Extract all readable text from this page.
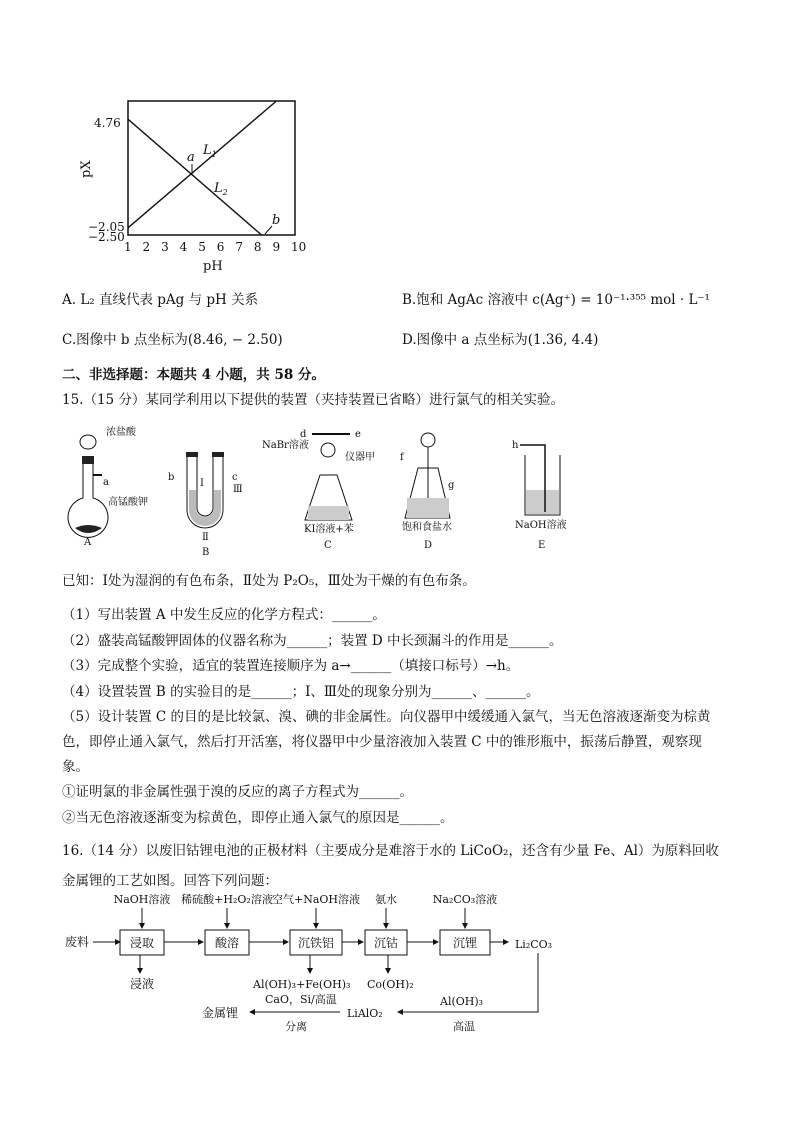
1 2 3 4 5 6 7 8 9 10
pX
pH
4.76
−2.05
−2.50
$L_1$
$L_2$
a
b
A. L₂ 直线代表 pAg 与 pH 关系	B.饱和 AgAc 溶液中 c(Ag⁺) = 10⁻¹·³⁵⁵ mol · L⁻¹
C.图像中 b 点坐标为(8.46, − 2.50)	D.图像中 a 点坐标为(1.36, 4.4)
二、非选择题：本题共 4 小题，共 58 分。
15.（15 分）某同学利用以下提供的装置（夹持装置已省略）进行氯气的相关实验。
浓盐酸
a
高锰酸钾
A
b	c
Ⅰ
Ⅲ
Ⅱ
B
d	e
NaBr溶液
仪器甲
KI溶液+苯
C
f
g
饱和食盐水
D
h
NaOH溶液
E
已知：Ⅰ处为湿润的有色布条，Ⅱ处为 P₂O₅，Ⅲ处为干燥的有色布条。
（1）写出装置 A 中发生反应的化学方程式：______。
（2）盛装高锰酸钾固体的仪器名称为______；装置 D 中长颈漏斗的作用是______。
（3）完成整个实验，适宜的装置连接顺序为 a→______（填接口标号）→h。
（4）设置装置 B 的实验目的是______；Ⅰ、Ⅲ处的现象分别为______、______。
（5）设计装置 C 的目的是比较氯、溴、碘的非金属性。向仪器甲中缓缓通入氯气，当无色溶液逐渐变为棕黄
色，即停止通入氯气，然后打开活塞，将仪器甲中少量溶液加入装置 C 中的锥形瓶中，振荡后静置，观察现
象。
①证明氯的非金属性强于溴的反应的离子方程式为______。
②当无色溶液逐渐变为棕黄色，即停止通入氯气的原因是______。
16.（14 分）以废旧钴锂电池的正极材料（主要成分是难溶于水的 LiCoO₂，还含有少量 Fe、Al）为原料回收
金属锂的工艺如图。回答下列问题：
废料	浸取
NaOH溶液
酸溶
稀硫酸+H₂O₂溶液
沉铁铝
空气+NaOH溶液
沉钴
氨水
沉锂
Na₂CO₃溶液
Al(OH)₃+Fe(OH)₃
浸液	Co(OH)₂
Li₂CO₃
Al(OH)₃
高温
LiAlO₂
CaO，Si/高温
分离
金属锂
